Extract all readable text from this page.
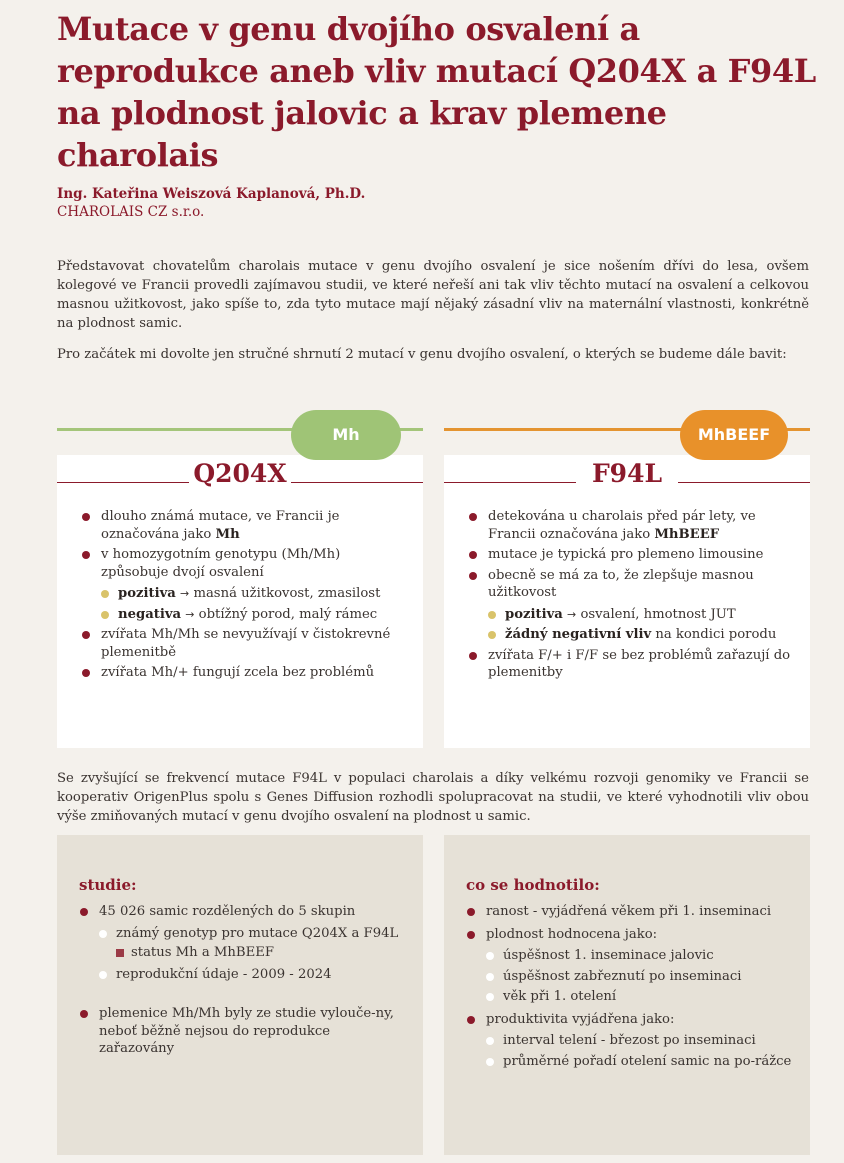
Mutace v genu dvojího osvalení a reprodukce aneb vliv mutací Q204X a F94L na plodnost jalovic a krav plemene charolais
Ing. Kateřina Weiszová Kaplanová, Ph.D.
CHAROLAIS CZ s.r.o.

Představovat chovatelům charolais mutace v genu dvojího osvalení je sice nošením dřívi do lesa, ovšem kolegové ve Francii provedli zajímavou studii, ve které neřeší ani tak vliv těchto mutací na osvalení a celkovou masnou užitkovost, jako spíše to, zda tyto mutace mají nějaký zásadní vliv na maternální vlastnosti, konkrétně na plodnost samic.

Pro začátek mi dovolte jen stručné shrnutí 2 mutací v genu dvojího osvalení, o kterých se budeme dále bavit:

Mh
Q204X
dlouho známá mutace, ve Francii je označována jako Mh
v homozygotním genotypu (Mh/Mh) způsobuje dvojí osvalení
pozitiva → masná užitkovost, zmasilost
negativa → obtížný porod, malý rámec
zvířata Mh/Mh se nevyužívají v čistokrevné plemenitbě
zvířata Mh/+ fungují zcela bez problémů
MhBEEF
F94L
detekována u charolais před pár lety, ve Francii označována jako MhBEEF
mutace je typická pro plemeno limousine
obecně se má za to, že zlepšuje masnou užitkovost
pozitiva → osvalení, hmotnost JUT
žádný negativní vliv na kondici porodu
zvířata F/+ i F/F se bez problémů zařazují do plemenitby

Se zvyšující se frekvencí mutace F94L v populaci charolais a díky velkému rozvoji genomiky ve Francii se kooperativ OrigenPlus spolu s Genes Diffusion rozhodli spolupracovat na studii, ve které vyhodnotili vliv obou výše zmiňovaných mutací v genu dvojího osvalení na plodnost u samic.

studie:
45 026 samic rozdělených do 5 skupin
známý genotyp pro mutace Q204X a F94L
status Mh a MhBEEF
reprodukční údaje - 2009 - 2024
plemenice Mh/Mh byly ze studie vylouče-ny, neboť běžně nejsou do reprodukce zařazovány
co se hodnotilo:
ranost - vyjádřená věkem při 1. inseminaci
plodnost hodnocena jako:
úspěšnost 1. inseminace jalovic
úspěšnost zabřeznutí po inseminaci
věk při 1. otelení
produktivita vyjádřena jako:
interval telení - březost po inseminaci
průměrné pořadí otelení samic na po-rážce
